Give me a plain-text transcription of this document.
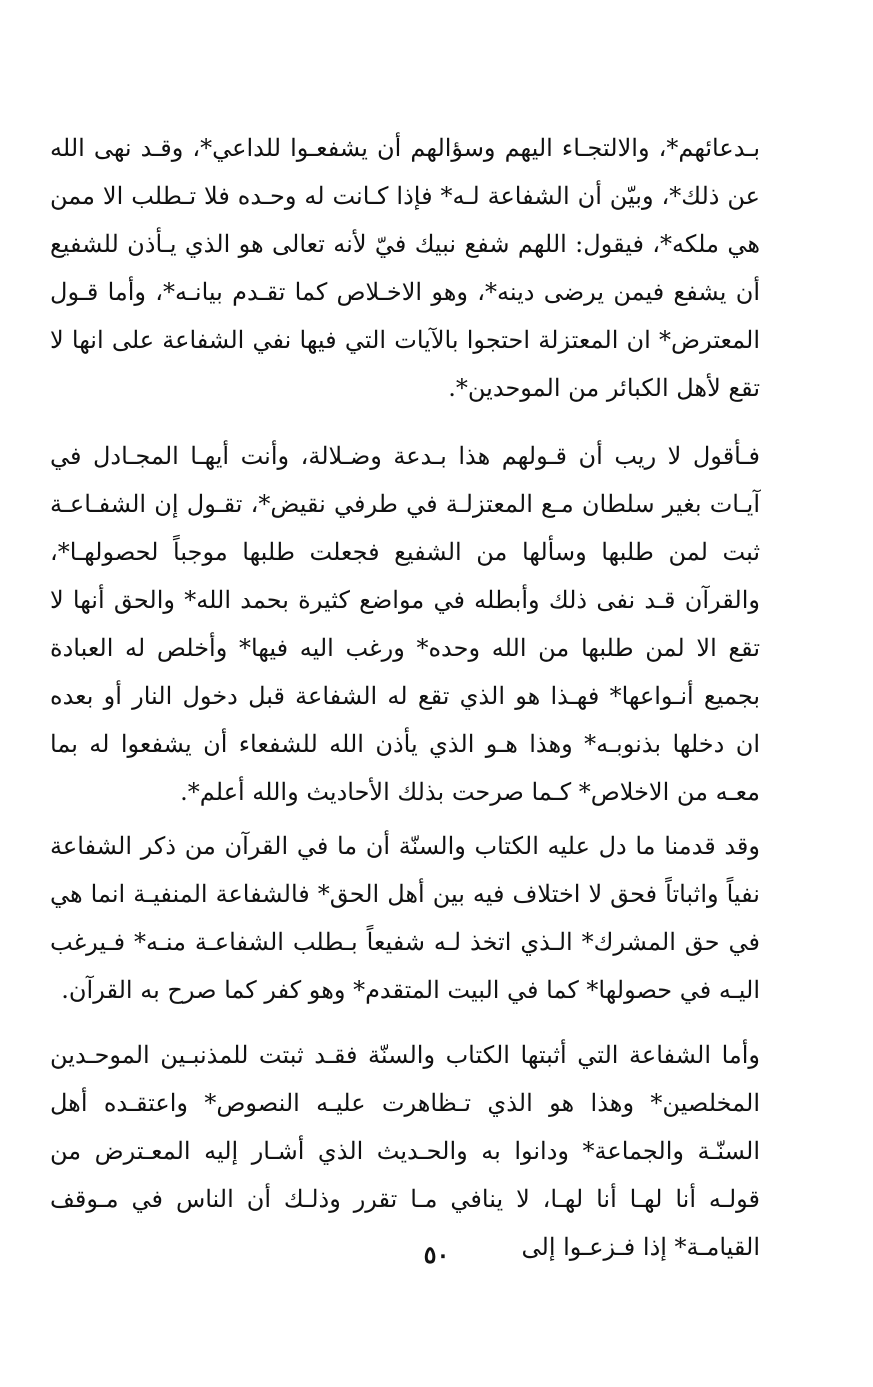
بـدعائهم*، والالتجـاء اليهم وسؤالهم أن يشفعـوا للداعي*، وقـد نهى الله عن ذلك*، وبيّن أن الشفاعة لـه* فإذا كـانت له وحـده فلا تـطلب الا ممن هي ملكه*، فيقول: اللهم شفع نبيك فيّ لأنه تعالى هو الذي يـأذن للشفيع أن يشفع فيمن يرضى دينه*، وهو الاخـلاص كما تقـدم بيانـه*، وأما قـول المعترض* ان المعتزلة احتجوا بالآيات التي فيها نفي الشفاعة على انها لا تقع لأهل الكبائر من الموحدين*.

فـأقول لا ريب أن قـولهم هذا بـدعة وضـلالة، وأنت أيهـا المجـادل في آيـات بغير سلطان مـع المعتزلـة في طرفي نقيض*، تقـول إن الشفـاعـة ثبت لمن طلبها وسألها من الشفيع فجعلت طلبها موجباً لحصولهـا*، والقرآن قـد نفى ذلك وأبطله في مواضع كثيرة بحمد الله* والحق أنها لا تقع الا لمن طلبها من الله وحده* ورغب اليه فيها* وأخلص له العبادة بجميع أنـواعها* فهـذا هو الذي تقع له الشفاعة قبل دخول النار أو بعده ان دخلها بذنوبـه* وهذا هـو الذي يأذن الله للشفعاء أن يشفعوا له بما معـه من الاخلاص* كـما صرحت بذلك الأحاديث والله أعلم*.

وقد قدمنا ما دل عليه الكتاب والسنّة أن ما في القرآن من ذكر الشفاعة نفياً واثباتاً فحق لا اختلاف فيه بين أهل الحق* فالشفاعة المنفيـة انما هي في حق المشرك* الـذي اتخذ لـه شفيعاً بـطلب الشفاعـة منـه* فـيرغب اليـه في حصولها* كما في البيت المتقدم* وهو كفر كما صرح به القرآن.

وأما الشفاعة التي أثبتها الكتاب والسنّة فقـد ثبتت للمذنبـين الموحـدين المخلصين* وهذا هو الذي تـظاهرت عليـه النصوص* واعتقـده أهل السنّـة والجماعة* ودانوا به والحـديث الذي أشـار إليه المعـترض من قولـه أنا لهـا أنا لهـا، لا ينافي مـا تقرر وذلـك أن الناس في مـوقف القيامـة* إذا فـزعـوا إلى

٥٠
